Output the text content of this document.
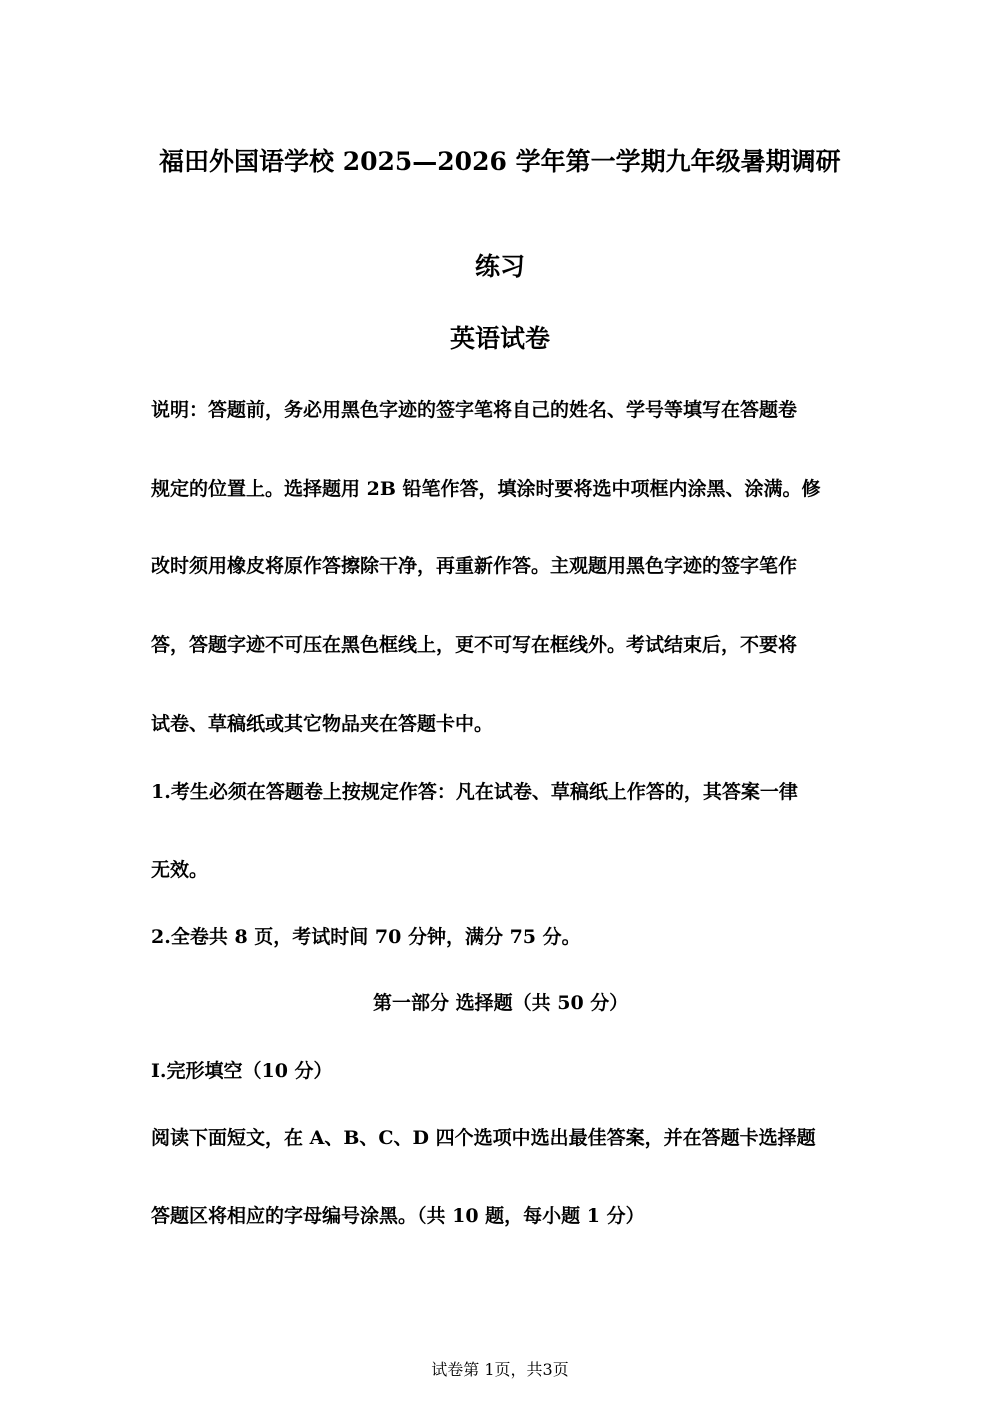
福田外国语学校 2025—2026 学年第一学期九年级暑期调研
练习
英语试卷
说明：答题前，务必用黑色字迹的签字笔将自己的姓名、学号等填写在答题卷
规定的位置上。选择题用 2B 铅笔作答，填涂时要将选中项框内涂黑、涂满。修
改时须用橡皮将原作答擦除干净，再重新作答。主观题用黑色字迹的签字笔作
答，答题字迹不可压在黑色框线上，更不可写在框线外。考试结束后，不要将
试卷、草稿纸或其它物品夹在答题卡中。
1.考生必须在答题卷上按规定作答：凡在试卷、草稿纸上作答的，其答案一律
无效。
2.全卷共 8 页，考试时间 70 分钟，满分 75 分。
第一部分 选择题（共 50 分）
I.完形填空（10 分）
阅读下面短文，在 A、B、C、D 四个选项中选出最佳答案，并在答题卡选择题
答题区将相应的字母编号涂黑。（共 10 题，每小题 1 分）
试卷第 1页，共3页
